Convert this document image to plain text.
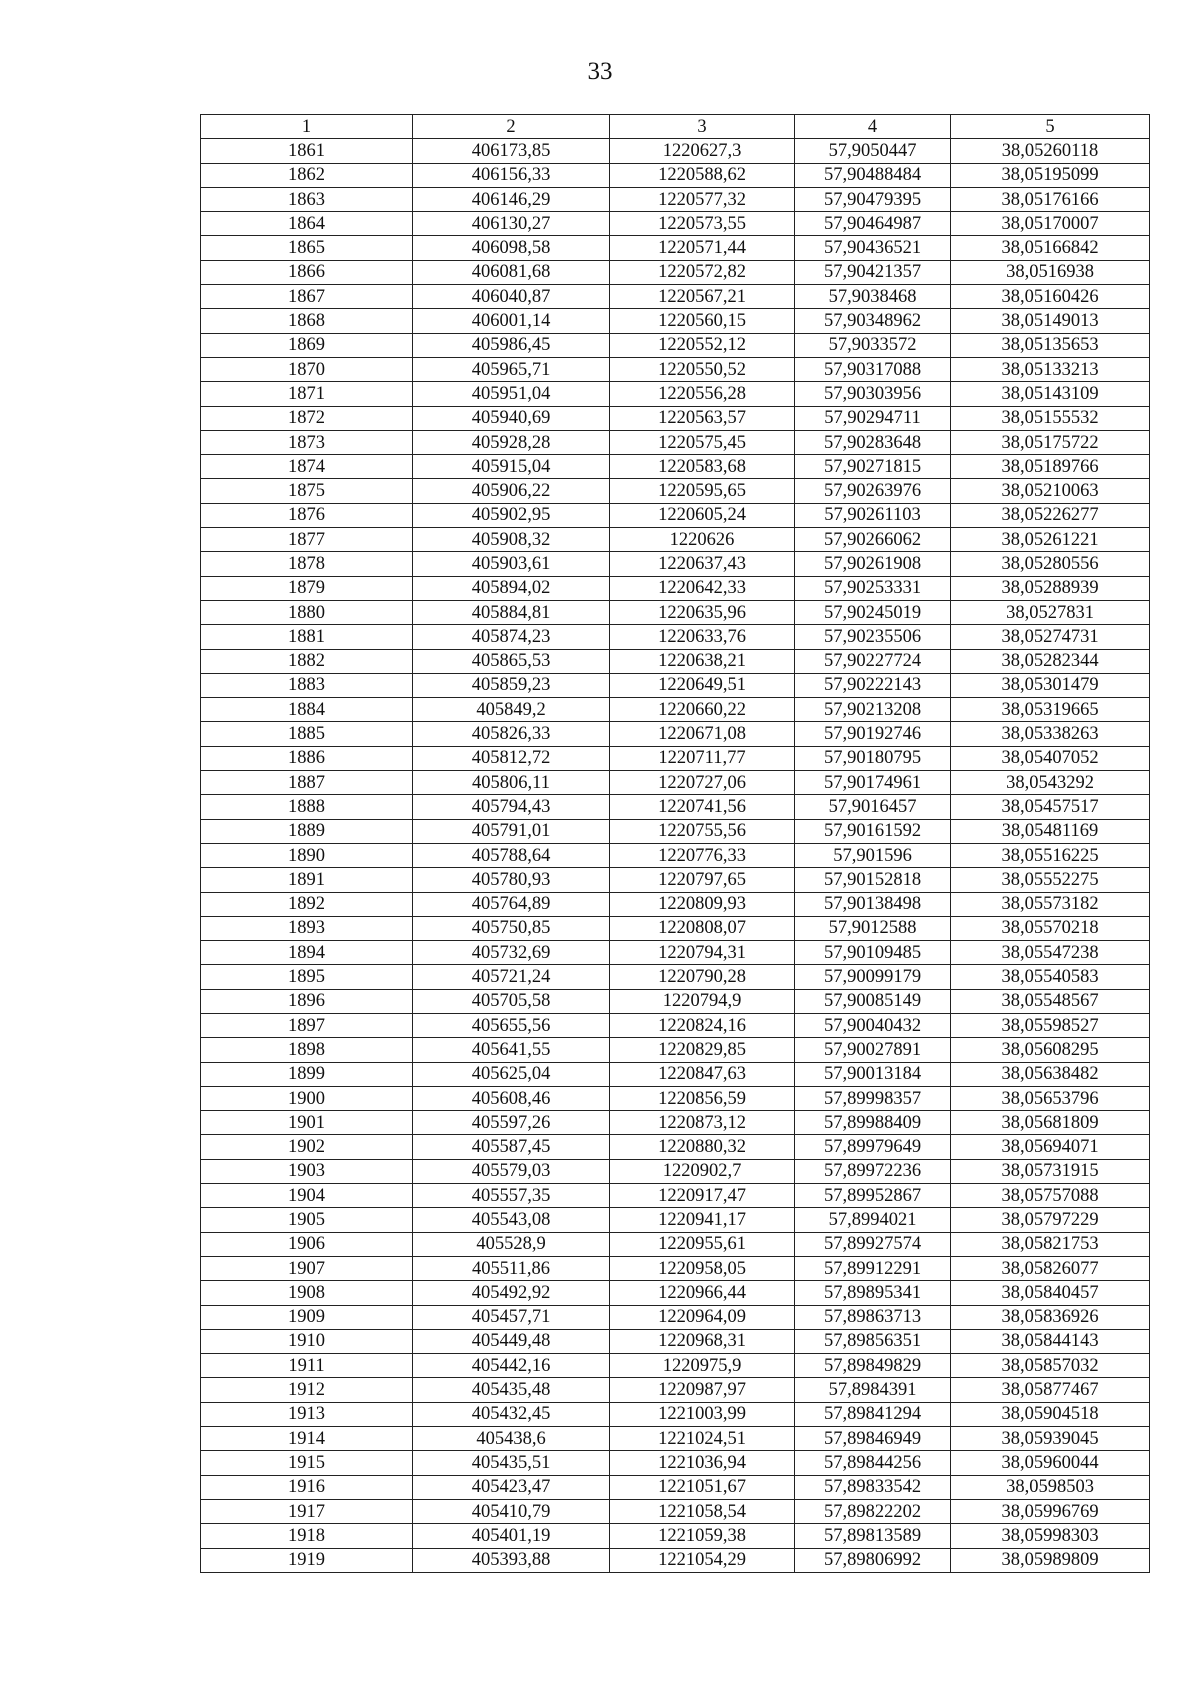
33
1	2	3	4	5
1861	406173,85	1220627,3	57,9050447	38,05260118
1862	406156,33	1220588,62	57,90488484	38,05195099
1863	406146,29	1220577,32	57,90479395	38,05176166
1864	406130,27	1220573,55	57,90464987	38,05170007
1865	406098,58	1220571,44	57,90436521	38,05166842
1866	406081,68	1220572,82	57,90421357	38,0516938
1867	406040,87	1220567,21	57,9038468	38,05160426
1868	406001,14	1220560,15	57,90348962	38,05149013
1869	405986,45	1220552,12	57,9033572	38,05135653
1870	405965,71	1220550,52	57,90317088	38,05133213
1871	405951,04	1220556,28	57,90303956	38,05143109
1872	405940,69	1220563,57	57,90294711	38,05155532
1873	405928,28	1220575,45	57,90283648	38,05175722
1874	405915,04	1220583,68	57,90271815	38,05189766
1875	405906,22	1220595,65	57,90263976	38,05210063
1876	405902,95	1220605,24	57,90261103	38,05226277
1877	405908,32	1220626	57,90266062	38,05261221
1878	405903,61	1220637,43	57,90261908	38,05280556
1879	405894,02	1220642,33	57,90253331	38,05288939
1880	405884,81	1220635,96	57,90245019	38,0527831
1881	405874,23	1220633,76	57,90235506	38,05274731
1882	405865,53	1220638,21	57,90227724	38,05282344
1883	405859,23	1220649,51	57,90222143	38,05301479
1884	405849,2	1220660,22	57,90213208	38,05319665
1885	405826,33	1220671,08	57,90192746	38,05338263
1886	405812,72	1220711,77	57,90180795	38,05407052
1887	405806,11	1220727,06	57,90174961	38,0543292
1888	405794,43	1220741,56	57,9016457	38,05457517
1889	405791,01	1220755,56	57,90161592	38,05481169
1890	405788,64	1220776,33	57,901596	38,05516225
1891	405780,93	1220797,65	57,90152818	38,05552275
1892	405764,89	1220809,93	57,90138498	38,05573182
1893	405750,85	1220808,07	57,9012588	38,05570218
1894	405732,69	1220794,31	57,90109485	38,05547238
1895	405721,24	1220790,28	57,90099179	38,05540583
1896	405705,58	1220794,9	57,90085149	38,05548567
1897	405655,56	1220824,16	57,90040432	38,05598527
1898	405641,55	1220829,85	57,90027891	38,05608295
1899	405625,04	1220847,63	57,90013184	38,05638482
1900	405608,46	1220856,59	57,89998357	38,05653796
1901	405597,26	1220873,12	57,89988409	38,05681809
1902	405587,45	1220880,32	57,89979649	38,05694071
1903	405579,03	1220902,7	57,89972236	38,05731915
1904	405557,35	1220917,47	57,89952867	38,05757088
1905	405543,08	1220941,17	57,8994021	38,05797229
1906	405528,9	1220955,61	57,89927574	38,05821753
1907	405511,86	1220958,05	57,89912291	38,05826077
1908	405492,92	1220966,44	57,89895341	38,05840457
1909	405457,71	1220964,09	57,89863713	38,05836926
1910	405449,48	1220968,31	57,89856351	38,05844143
1911	405442,16	1220975,9	57,89849829	38,05857032
1912	405435,48	1220987,97	57,8984391	38,05877467
1913	405432,45	1221003,99	57,89841294	38,05904518
1914	405438,6	1221024,51	57,89846949	38,05939045
1915	405435,51	1221036,94	57,89844256	38,05960044
1916	405423,47	1221051,67	57,89833542	38,0598503
1917	405410,79	1221058,54	57,89822202	38,05996769
1918	405401,19	1221059,38	57,89813589	38,05998303
1919	405393,88	1221054,29	57,89806992	38,05989809
